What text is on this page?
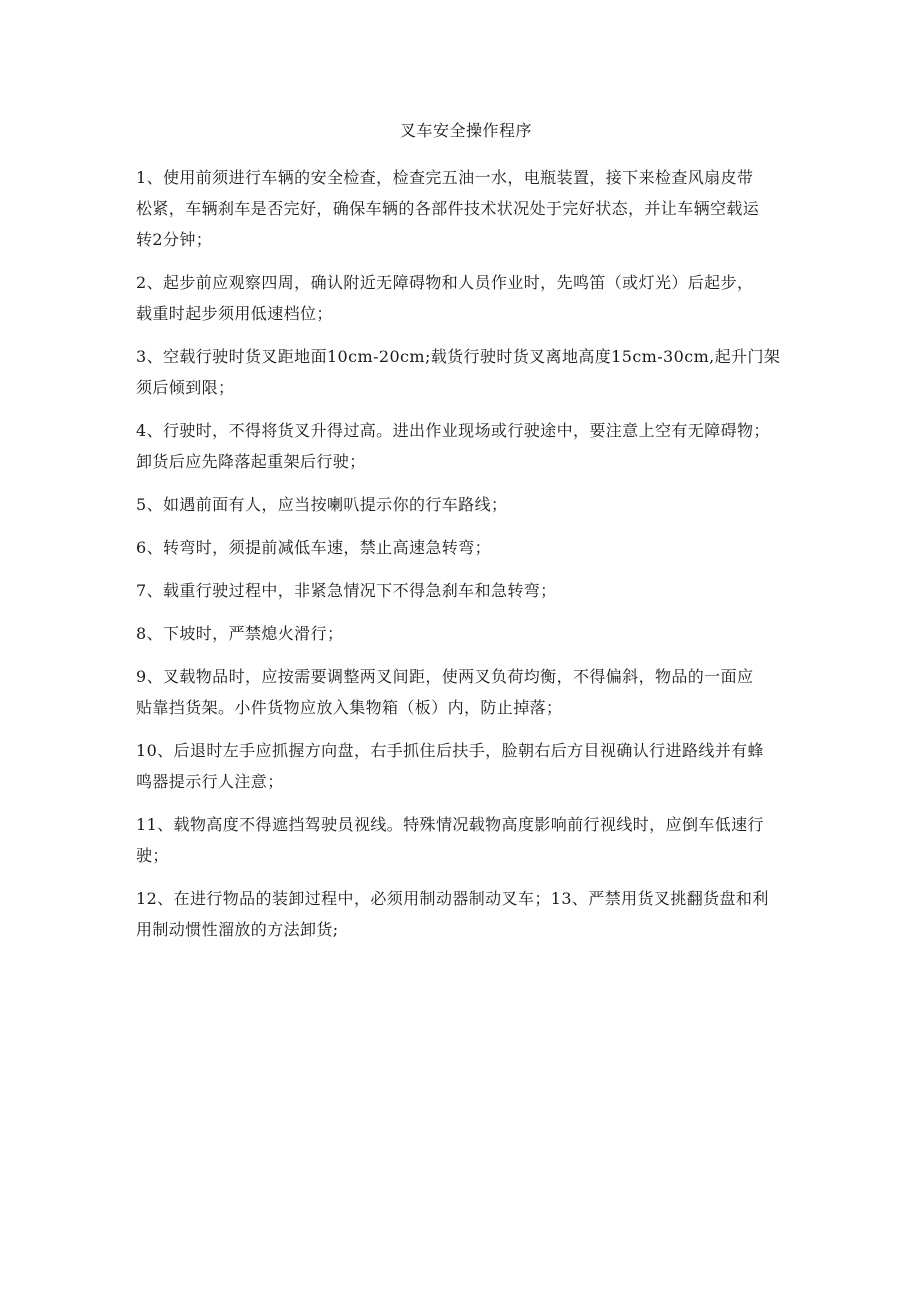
叉车安全操作程序

1、使用前须进行车辆的安全检查，检查完五油一水，电瓶装置，接下来检查风扇皮带
松紧，车辆刹车是否完好，确保车辆的各部件技术状况处于完好状态，并让车辆空载运
转2分钟；

2、起步前应观察四周，确认附近无障碍物和人员作业时，先鸣笛（或灯光）后起步，
载重时起步须用低速档位；

3、空载行驶时货叉距地面10cm-20cm;载货行驶时货叉离地高度15cm-30cm,起升门架
须后倾到限；

4、行驶时，不得将货叉升得过高。进出作业现场或行驶途中，要注意上空有无障碍物；
卸货后应先降落起重架后行驶；

5、如遇前面有人，应当按喇叭提示你的行车路线；

6、转弯时，须提前减低车速，禁止高速急转弯；

7、载重行驶过程中，非紧急情况下不得急刹车和急转弯；

8、下坡时，严禁熄火滑行；

9、叉载物品时，应按需要调整两叉间距，使两叉负荷均衡，不得偏斜，物品的一面应
贴靠挡货架。小件货物应放入集物箱（板）内，防止掉落；

10、后退时左手应抓握方向盘，右手抓住后扶手，脸朝右后方目视确认行进路线并有蜂
鸣器提示行人注意；

11、载物高度不得遮挡驾驶员视线。特殊情况载物高度影响前行视线时，应倒车低速行
驶；

12、在进行物品的装卸过程中，必须用制动器制动叉车；13、严禁用货叉挑翻货盘和利
用制动惯性溜放的方法卸货;
